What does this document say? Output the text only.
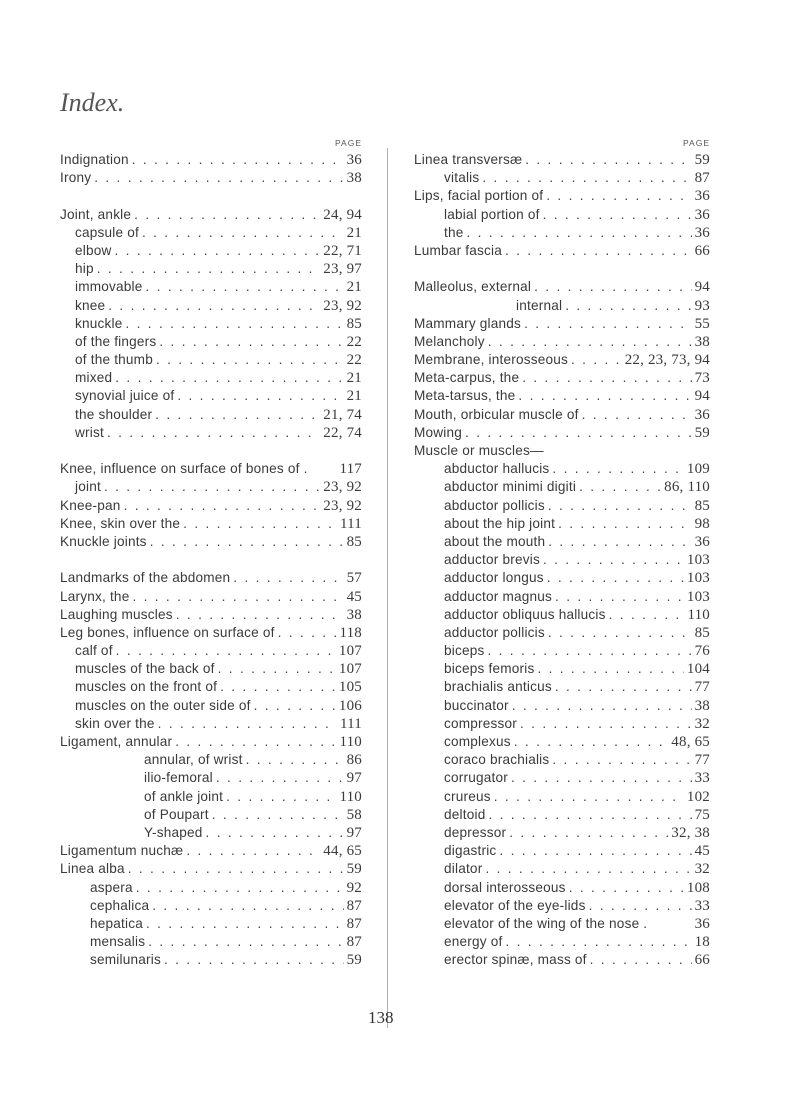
Index.
PAGE
Indignation . . .	36
Irony . . .	38
Joint, ankle . . .	24, 94
capsule of . . .	21
elbow . . .	22, 71
hip . . .	23, 97
immovable . . .	21
knee . . .	23, 92
knuckle . . .	85
of the fingers . . .	22
of the thumb . . .	22
mixed . . .	21
synovial juice of . . .	21
the shoulder . . .	21, 74
wrist . . .	22, 74
Knee, influence on surface of bones of . 117
joint . . .	23, 92
Knee-pan . . .	23, 92
Knee, skin over the . . .	111
Knuckle joints . . .	85
Landmarks of the abdomen . . .	57
Larynx, the . . .	45
Laughing muscles . . .	38
Leg bones, influence on surface of . . .	118
calf of . . .	107
muscles of the back of . . .	107
muscles on the front of . . .	105
muscles on the outer side of . . .	106
skin over the . . .	111
Ligament, annular . . .	110
annular, of wrist . . .	86
ilio-femoral . . .	97
of ankle joint . . .	110
of Poupart . . .	58
Y-shaped . . .	97
Ligamentum nuchæ . . .	44, 65
Linea alba . . .	59
aspera . . .	92
cephalica . . .	87
hepatica . . .	87
mensalis . . .	87
semilunaris . . .	59
PAGE
Linea transversæ . . .	59
vitalis . . .	87
Lips, facial portion of . . .	36
labial portion of . . .	36
the . . .	36
Lumbar fascia . . .	66
Malleolus, external . . .	94
internal . . .	93
Mammary glands . . .	55
Melancholy . . .	38
Membrane, interosseous . . .	22, 23, 73, 94
Meta-carpus, the . . .	73
Meta-tarsus, the . . .	94
Mouth, orbicular muscle of . . .	36
Mowing . . .	59
Muscle or muscles—
abductor hallucis . . .	109
abductor minimi digiti . . .	86, 110
abductor pollicis . . .	85
about the hip joint . . .	98
about the mouth . . .	36
adductor brevis . . .	103
adductor longus . . .	103
adductor magnus . . .	103
adductor obliquus hallucis . . .	110
adductor pollicis . . .	85
biceps . . .	76
biceps femoris . . .	104
brachialis anticus . . .	77
buccinator . . .	38
compressor . . .	32
complexus . . .	48, 65
coraco brachialis . . .	77
corrugator . . .	33
crureus . . .	102
deltoid . . .	75
depressor . . .	32, 38
digastric . . .	45
dilator . . .	32
dorsal interosseous . . .	108
elevator of the eye-lids . . .	33
elevator of the wing of the nose .	36
energy of . . .	18
erector spinæ, mass of . . .	66
138
